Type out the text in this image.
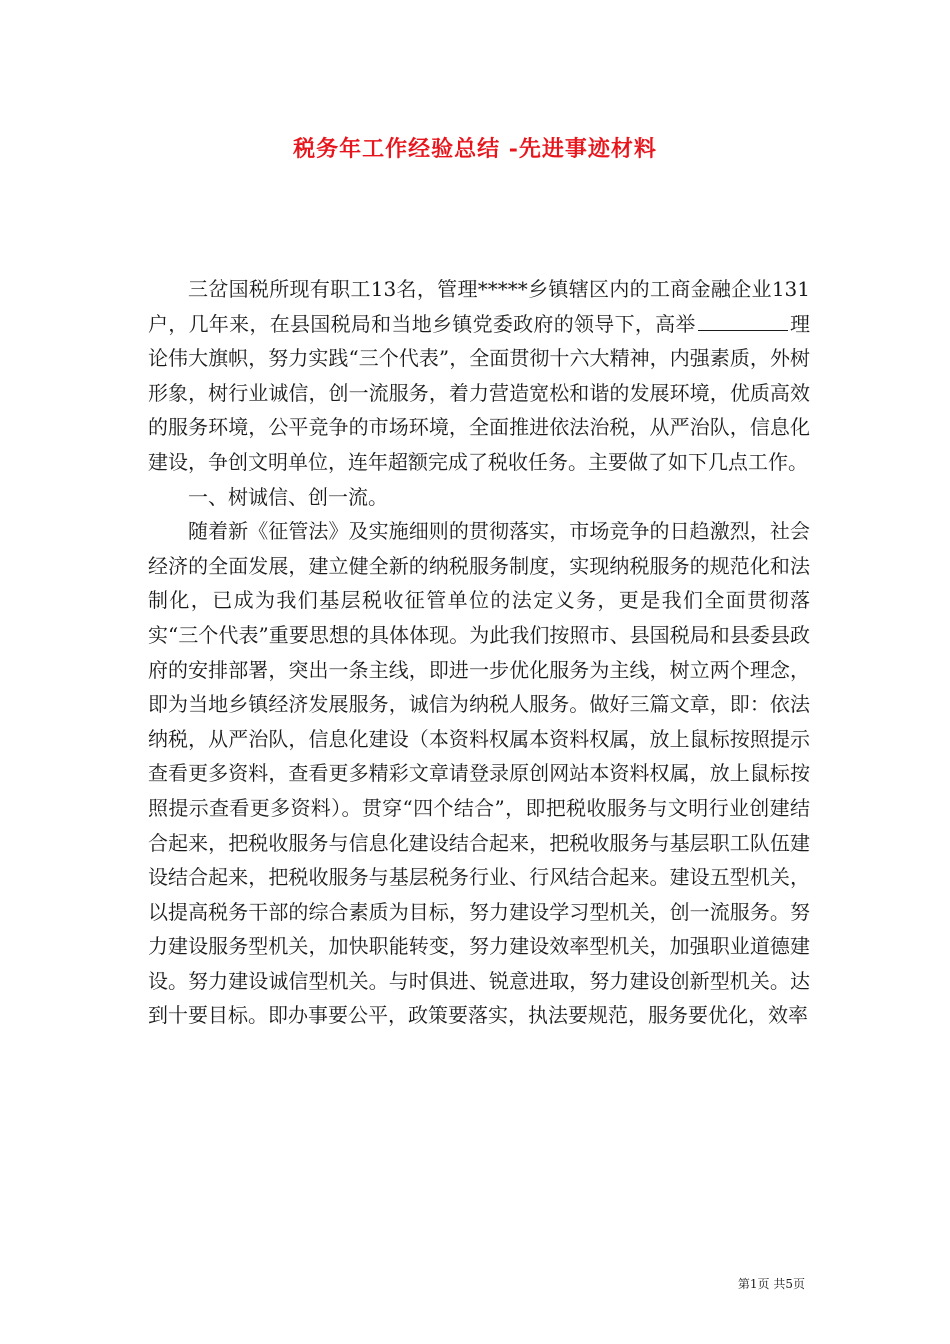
税务年工作经验总结 -先进事迹材料

三岔国税所现有职工13名，管理*****乡镇辖区内的工商金融企业131户，几年来，在县国税局和当地乡镇党委政府的领导下，高举	理论伟大旗帜，努力实践“三个代表”，全面贯彻十六大精神，内强素质，外树形象，树行业诚信，创一流服务，着力营造宽松和谐的发展环境，优质高效的服务环境，公平竞争的市场环境，全面推进依法治税，从严治队，信息化建设，争创文明单位，连年超额完成了税收任务。主要做了如下几点工作。

一、树诚信、创一流。

随着新《征管法》及实施细则的贯彻落实，市场竞争的日趋激烈，社会经济的全面发展，建立健全新的纳税服务制度，实现纳税服务的规范化和法制化，已成为我们基层税收征管单位的法定义务，更是我们全面贯彻落实“三个代表”重要思想的具体体现。为此我们按照市、县国税局和县委县政府的安排部署，突出一条主线，即进一步优化服务为主线，树立两个理念，即为当地乡镇经济发展服务，诚信为纳税人服务。做好三篇文章，即：依法纳税，从严治队，信息化建设（本资料权属本资料权属，放上鼠标按照提示查看更多资料，查看更多精彩文章请登录原创网站本资料权属，放上鼠标按照提示查看更多资料）。贯穿“四个结合”，即把税收服务与文明行业创建结合起来，把税收服务与信息化建设结合起来，把税收服务与基层职工队伍建设结合起来，把税收服务与基层税务行业、行风结合起来。建设五型机关，以提高税务干部的综合素质为目标，努力建设学习型机关，创一流服务。努力建设服务型机关，加快职能转变，努力建设效率型机关，加强职业道德建设。努力建设诚信型机关。与时俱进、锐意进取，努力建设创新型机关。达到十要目标。即办事要公平，政策要落实，执法要规范，服务要优化，效率

第1页 共5页
